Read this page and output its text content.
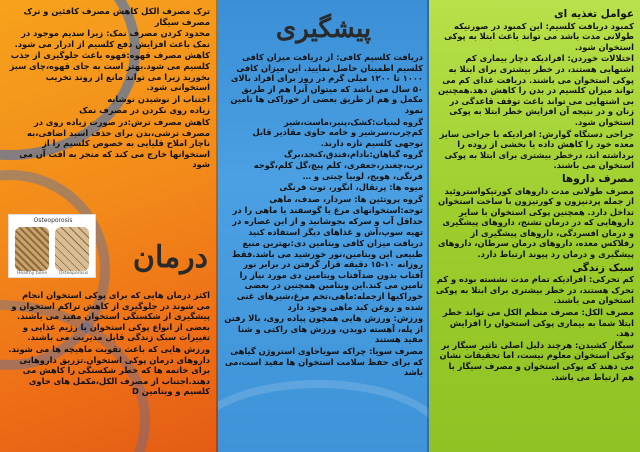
ترک مصرف الکل کاهش مصرف کافئین و ترک مصرف سیگار

محدود کردن مصرف نمک: زیرا سدیم موجود در نمک باعث افزایش دفع کلسیم از ادرار می شود.

کاهش مصرف قهوه:قهوه باعث جلوگیری از جذب کلسیم می شود.بهتر است به جای قهوه،چای سبز بخورید زیرا می تواند مانع از روند تخریب استخوانی شود.

اجتناب از نوشیدن نوشابه

زیاده روی نکردن در مصرف نمک

کاهش مصرف ترش:در صورت زیاده روی در مصرف ترشی،بدن برای حذف اسید اضافی،به ناچار املاح قلیایی به خصوص کلسیم را از استخوانها خارج می کند که منجر به افت آن می شود

Osteoporosis
Healthy bone	Osteoporosis درمان

اکثر درمان هایی که برای پوکی استخوان انجام می شوند در جلوگیری از کاهش تراکم استخوان و پیشگیری از شکستگی استخوان مفید می باشند. بعضی از انواع پوکی استخوان با رژیم غذایی و تغییرات سبک زندگی قابل مدیریت می باشند.

ورزش هایی که باعث تقویت ماهیچه ها می شوند. داروهای درمان پوکی استخوان.تزریق داروهایی برای خاتمه ها که خطر شکستگی را کاهش می دهند.اجتناب از مصرف الکل،مکمل های حاوی کلسیم و ویتامین D

پیشگیری

دریافت کلسیم کافی: از دریافت میزان کافی کلسیم اطمینان حاصل نمایید. این میزان کافی ۱۰۰۰ تا ۱۲۰۰ میلی گرم در روز برای افراد بالای ۵۰ سال می باشد که میتوان آنرا هم از طریق مکمل و هم از طریق بعضی از خوراکی ها تامین نمود

گروه لبنیات:کشک،پنیر،ماست،شیر کم‌چرب،سرشیر و خامه حاوی مقادیر قابل توجهی کلسیم تازه دارند.

گروه گیاهان:بادام،فندق،کنجد،برگ ترب،چغندر،جعفری، کلم پیچ،گل کلم،گوجه فرنگی، هویج، لوبیا چیتی و …

میوه ها: پرتقال، انگور، توت فرنگی

گروه پروتئین ها: سردار، صدف، ماهی

توجه:استخوانهای مرغ یا گوسفند یا ماهی را در حداقل آب و سرکه بجوشانید و از این عصاره در تهیه سوپ،آش و غذاهای دیگر استفاده کنید

دریافت میزان کافی ویتامین دی:بهترین منبع طبیعی این ویتامین،نور خورشید می باشد.فقط روزانه ۱۰-۱۵ دقیقه قرار گرفتن در برابر نور آفتاب بدون ضدآفتاب ویتامین دی مورد نیاز را تامین می کند.این ویتامین همچنین در بعضی خوراکیها ازجمله:ماهی،تخم مرغ،شیرهای غنی شده و روغن کبد ماهی وجود دارد

ورزش: ورزش هایی همچون پیاده روی، بالا رفتن از پله، آهسته دویدن، ورزش های راکتی و شنا مفید هستند

مصرف سویا: چراکه سویاحاوی استروژن گیاهی که برای حفظ سلامت استخوان ها مفید است،می باشد

عوامل تغذیه ای

کمبود دریافت کلسیم: این کمبود در صورتیکه طولانی مدت باشد می تواند باعث ابتلا به پوکی استخوان شود.

اختلالات خوردن: افرادیکه دچار بیماری کم اشتهایی هستند، در خطر بیشتری برای ابتلا به پوکی استخوان می باشند. دریافت غذای کم می تواند میزان کلسیم در بدن را کاهش دهد.همچنین بی اشتهایی می تواند باعث توقف قاعدگی در زنان و در نتیجه آن افزایش خطر ابتلا به پوکی استخوان شود.

جراحی دستگاه گوارش: افرادیکه با جراحی سایز معده خود را کاهش داده یا بخشی از روده را برداشته اند، درخطر بیشتری برای ابتلا به پوکی استخوان می باشند.

مصرف داروها

مصرف طولانی مدت داروهای کورتیکواستروئید از جمله پردنیزون و کورتیزون با ساخت استخوان تداخل دارد. همچنین پوکی استخوان با سایر داروهایی که در درمان تشنج، داروهای پیشگیری و درمان افسردگی، داروهای پیشگیری از رفلاکس معده، داروهای درمان سرطان، داروهای پیشگیری و درمان رد پیوند ارتباط دارد.

سبک زندگی

کم تحرکی: افرادیکه تمام مدت نشسته بوده و کم تحرک هستند، در خطر بیشتری برای ابتلا به پوکی استخوان می باشند.

مصرف الکل: مصرف منظم الکل می تواند خطر ابتلا شما به بیماری پوکی استخوان را افزایش دهد.

سیگار کشیدن: هرچند دلیل اصلی تاثیر سیگار بر پوکی استخوان معلوم نیست، اما تحقیقات نشان می دهند که پوکی استخوان و مصرف سیگار با هم ارتباط می باشد.
